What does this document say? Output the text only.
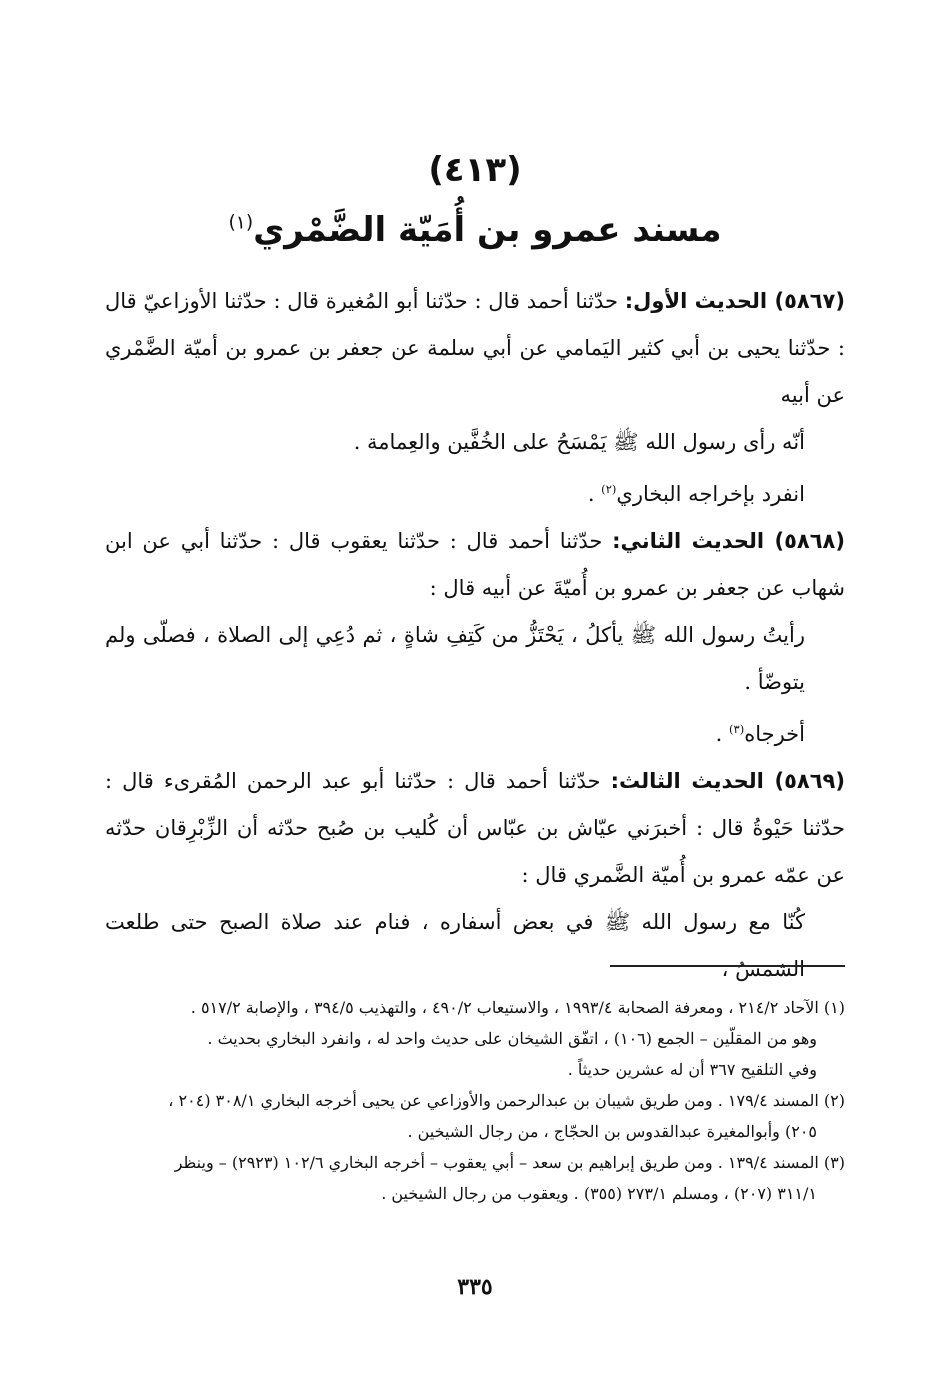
(٤١٣)
مسند عمرو بن أُمَيّة الضَّمْري$^{(١)}$

(٥٨٦٧) الحديث الأول: حدّثنا أحمد قال : حدّثنا أبو المُغيرة قال : حدّثنا الأوزاعيّ قال : حدّثنا يحيى بن أبي كثير اليَمامي عن أبي سلمة عن جعفر بن عمرو بن أميّة الضَّمْري عن أبيه

أنّه رأى رسول الله ﷺ يَمْسَحُ على الخُفَّين والعِمامة .

انفرد بإخراجه البخاري$^{(٢)}$ .

(٥٨٦٨) الحديث الثاني: حدّثنا أحمد قال : حدّثنا يعقوب قال : حدّثنا أبي عن ابن شهاب عن جعفر بن عمرو بن أُميّةَ عن أبيه قال :

رأيتُ رسول الله ﷺ يأكلُ ، يَحْتَزُّ من كَتِفِ شاةٍ ، ثم دُعِي إلى الصلاة ، فصلّى ولم يتوضّأ .

أخرجاه$^{(٣)}$ .

(٥٨٦٩) الحديث الثالث: حدّثنا أحمد قال : حدّثنا أبو عبد الرحمن المُقرىء قال : حدّثنا حَيْوةُ قال : أخبرَني عيّاش بن عبّاس أن كُليب بن صُبح حدّثه أن الزِّبْرِقان حدّثه عن عمّه عمرو بن أُميّة الضَّمري قال :

كُنّا مع رسول الله ﷺ في بعض أسفاره ، فنام عند صلاة الصبح حتى طلعت الشمسُ ،

(١) الآحاد ٢١٤/٢ ، ومعرفة الصحابة ١٩٩٣/٤ ، والاستيعاب ٤٩٠/٢ ، والتهذيب ٣٩٤/٥ ، والإصابة ٥١٧/٢ .
وهو من المقلّين – الجمع (١٠٦) ، اتفّق الشيخان على حديث واحد له ، وانفرد البخاري بحديث .
وفي التلقيح ٣٦٧ أن له عشرين حديثاً .
(٢) المسند ١٧٩/٤ . ومن طريق شيبان بن عبدالرحمن والأوزاعي عن يحيى أخرجه البخاري ٣٠٨/١ (٢٠٤ ،
٢٠٥) وأبوالمغيرة عبدالقدوس بن الحجّاج ، من رجال الشيخين .
(٣) المسند ١٣٩/٤ . ومن طريق إبراهيم بن سعد – أبي يعقوب – أخرجه البخاري ١٠٢/٦ (٢٩٢٣) – وينظر
٣١١/١ (٢٠٧) ، ومسلم ٢٧٣/١ (٣٥٥) . ويعقوب من رجال الشيخين .
٣٣٥
